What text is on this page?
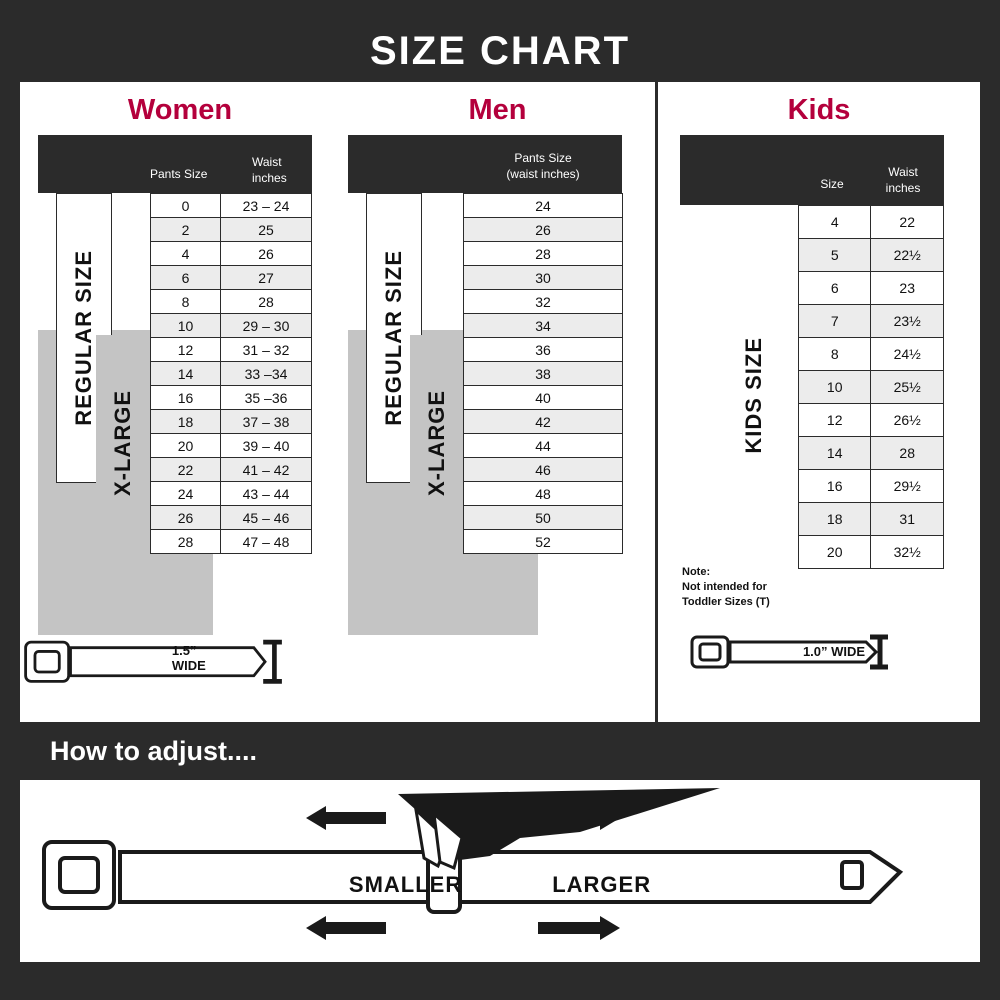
SIZE CHART
Women
REGULAR SIZE
X-LARGE
Pants Size
Waist
inches
0	23 – 24
2	25
4	26
6	27
8	28
10	29 – 30
12	31 – 32
14	33 –34
16	35 –36
18	37 – 38
20	39 – 40
22	41 – 42
24	43 – 44
26	45 – 46
28	47 – 48
1.5” WIDE
Men
REGULAR SIZE
X-LARGE
Pants Size
(waist inches)
24
26
28
30
32
34
36
38
40
42
44
46
48
50
52
Kids
KIDS SIZE
Size
Waist
inches
4	22
5	22½
6	23
7	23½
8	24½
10	25½
12	26½
14	28
16	29½
18	31
20	32½
Note:
Not intended for
Toddler Sizes (T)
1.0” WIDE
How to adjust....
SMALLER	LARGER
